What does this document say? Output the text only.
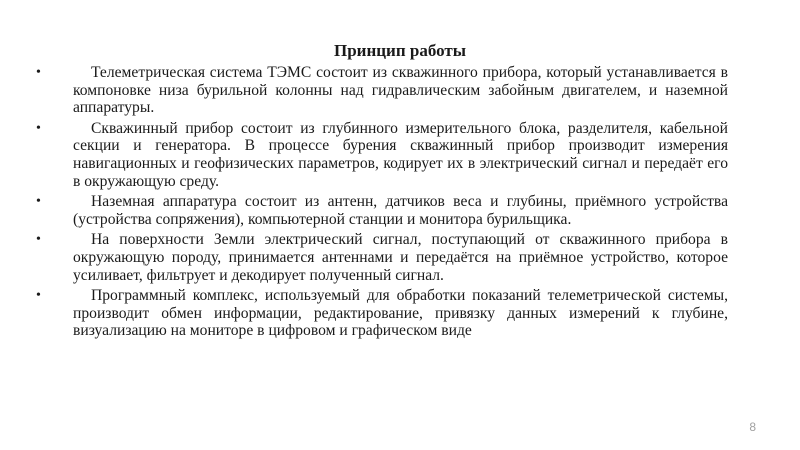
Принцип работы
•	Телеметрическая система ТЭМС состоит из скважинного прибора, который устанавливается в компоновке низа бурильной колонны над гидравлическим забойным двигателем, и наземной аппаратуры.
•	Скважинный прибор состоит из глубинного измерительного блока, разделителя, кабельной секции и генератора. В процессе бурения скважинный прибор производит измерения навигационных и геофизических параметров, кодирует их в электрический сигнал и передаёт его в окружающую среду.
•	Наземная аппаратура состоит из антенн, датчиков веса и глубины, приёмного устройства (устройства сопряжения), компьютерной станции и монитора бурильщика.
•	На поверхности Земли электрический сигнал, поступающий от скважинного прибора в окружающую породу, принимается антеннами и передаётся на приёмное устройство, которое усиливает, фильтрует и декодирует полученный сигнал.
•	Программный комплекс, используемый для обработки показаний телеметрической системы, производит обмен информации, редактирование, привязку данных измерений к глубине, визуализацию на мониторе в цифровом и графическом виде
8
